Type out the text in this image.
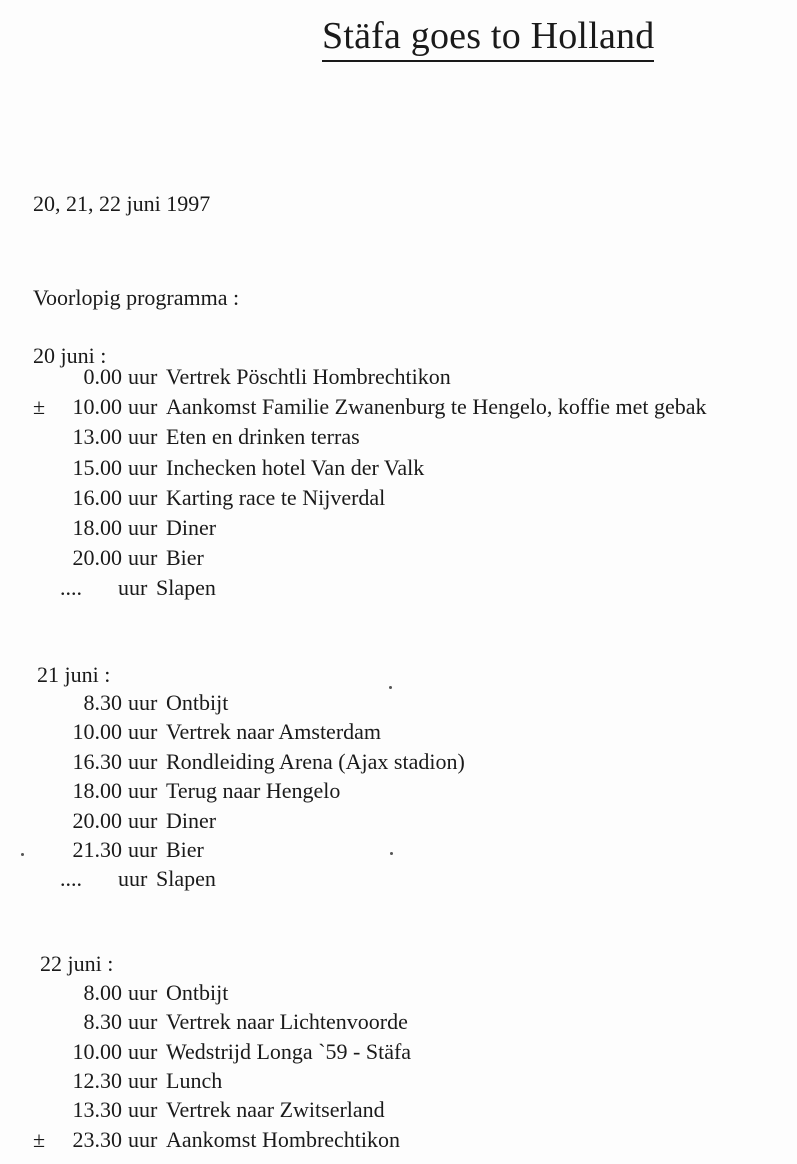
Stäfa goes to Holland
20, 21, 22 juni 1997
Voorlopig programma :
20 juni :
0.00 uur Vertrek Pöschtli Hombrechtikon
±	10.00 uur Aankomst Familie Zwanenburg te Hengelo, koffie met gebak
13.00 uur Eten en drinken terras
15.00 uur Inchecken hotel Van der Valk
16.00 uur Karting race te Nijverdal
18.00 uur Diner
20.00 uur Bier
....	uur Slapen
21 juni :
8.30 uur Ontbijt
10.00 uur Vertrek naar Amsterdam
16.30 uur Rondleiding Arena (Ajax stadion)
18.00 uur Terug naar Hengelo
20.00 uur Diner
21.30 uur Bier
....	uur Slapen
22 juni :
8.00 uur Ontbijt
8.30 uur Vertrek naar Lichtenvoorde
10.00 uur Wedstrijd Longa `59 - Stäfa
12.30 uur Lunch
13.30 uur Vertrek naar Zwitserland
±	23.30 uur Aankomst Hombrechtikon
